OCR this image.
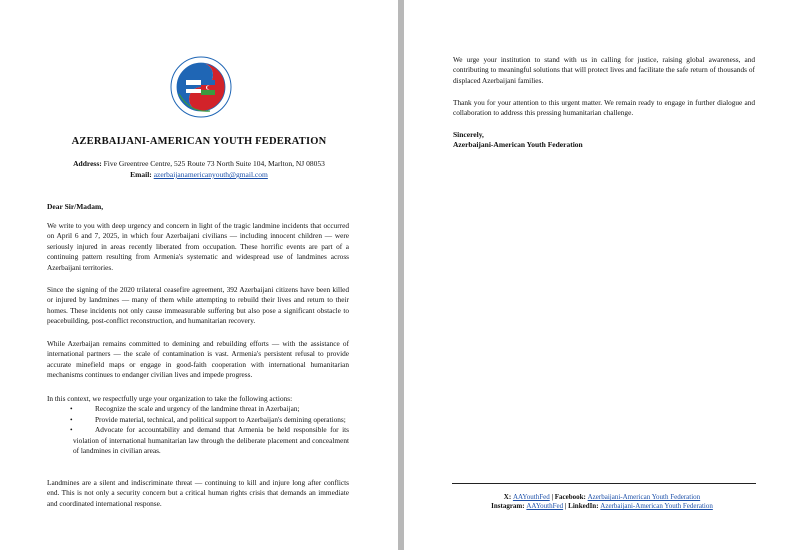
AZERBAIJANI-AMERICAN YOUTH FEDERATION
Address: Five Greentree Centre, 525 Route 73 North Suite 104, Marlton, NJ 08053
Email: azerbaijanamericanyouth@gmail.com
Dear Sir/Madam,
We write to you with deep urgency and concern in light of the tragic landmine incidents that occurred on April 6 and 7, 2025, in which four Azerbaijani civilians — including innocent children — were seriously injured in areas recently liberated from occupation. These horrific events are part of a continuing pattern resulting from Armenia's systematic and widespread use of landmines across Azerbaijani territories.
Since the signing of the 2020 trilateral ceasefire agreement, 392 Azerbaijani citizens have been killed or injured by landmines — many of them while attempting to rebuild their lives and return to their homes. These incidents not only cause immeasurable suffering but also pose a significant obstacle to peacebuilding, post-conflict reconstruction, and humanitarian recovery.
While Azerbaijan remains committed to demining and rebuilding efforts — with the assistance of international partners — the scale of contamination is vast. Armenia's persistent refusal to provide accurate minefield maps or engage in good-faith cooperation with international humanitarian mechanisms continues to endanger civilian lives and impede progress.
In this context, we respectfully urge your organization to take the following actions:
•	Recognize the scale and urgency of the landmine threat in Azerbaijan;
•	Provide material, technical, and political support to Azerbaijan's demining operations;
•	Advocate for accountability and demand that Armenia be held responsible for its violation of international humanitarian law through the deliberate placement and concealment of landmines in civilian areas.
Landmines are a silent and indiscriminate threat — continuing to kill and injure long after conflicts end. This is not only a security concern but a critical human rights crisis that demands an immediate and coordinated international response.
We urge your institution to stand with us in calling for justice, raising global awareness, and contributing to meaningful solutions that will protect lives and facilitate the safe return of thousands of displaced Azerbaijani families.
Thank you for your attention to this urgent matter. We remain ready to engage in further dialogue and collaboration to address this pressing humanitarian challenge.
Sincerely,
Azerbaijani-American Youth Federation
X: AAYouthFed | Facebook: Azerbaijani-American Youth Federation
Instagram: AAYouthFed | LinkedIn: Azerbaijani-American Youth Federation
